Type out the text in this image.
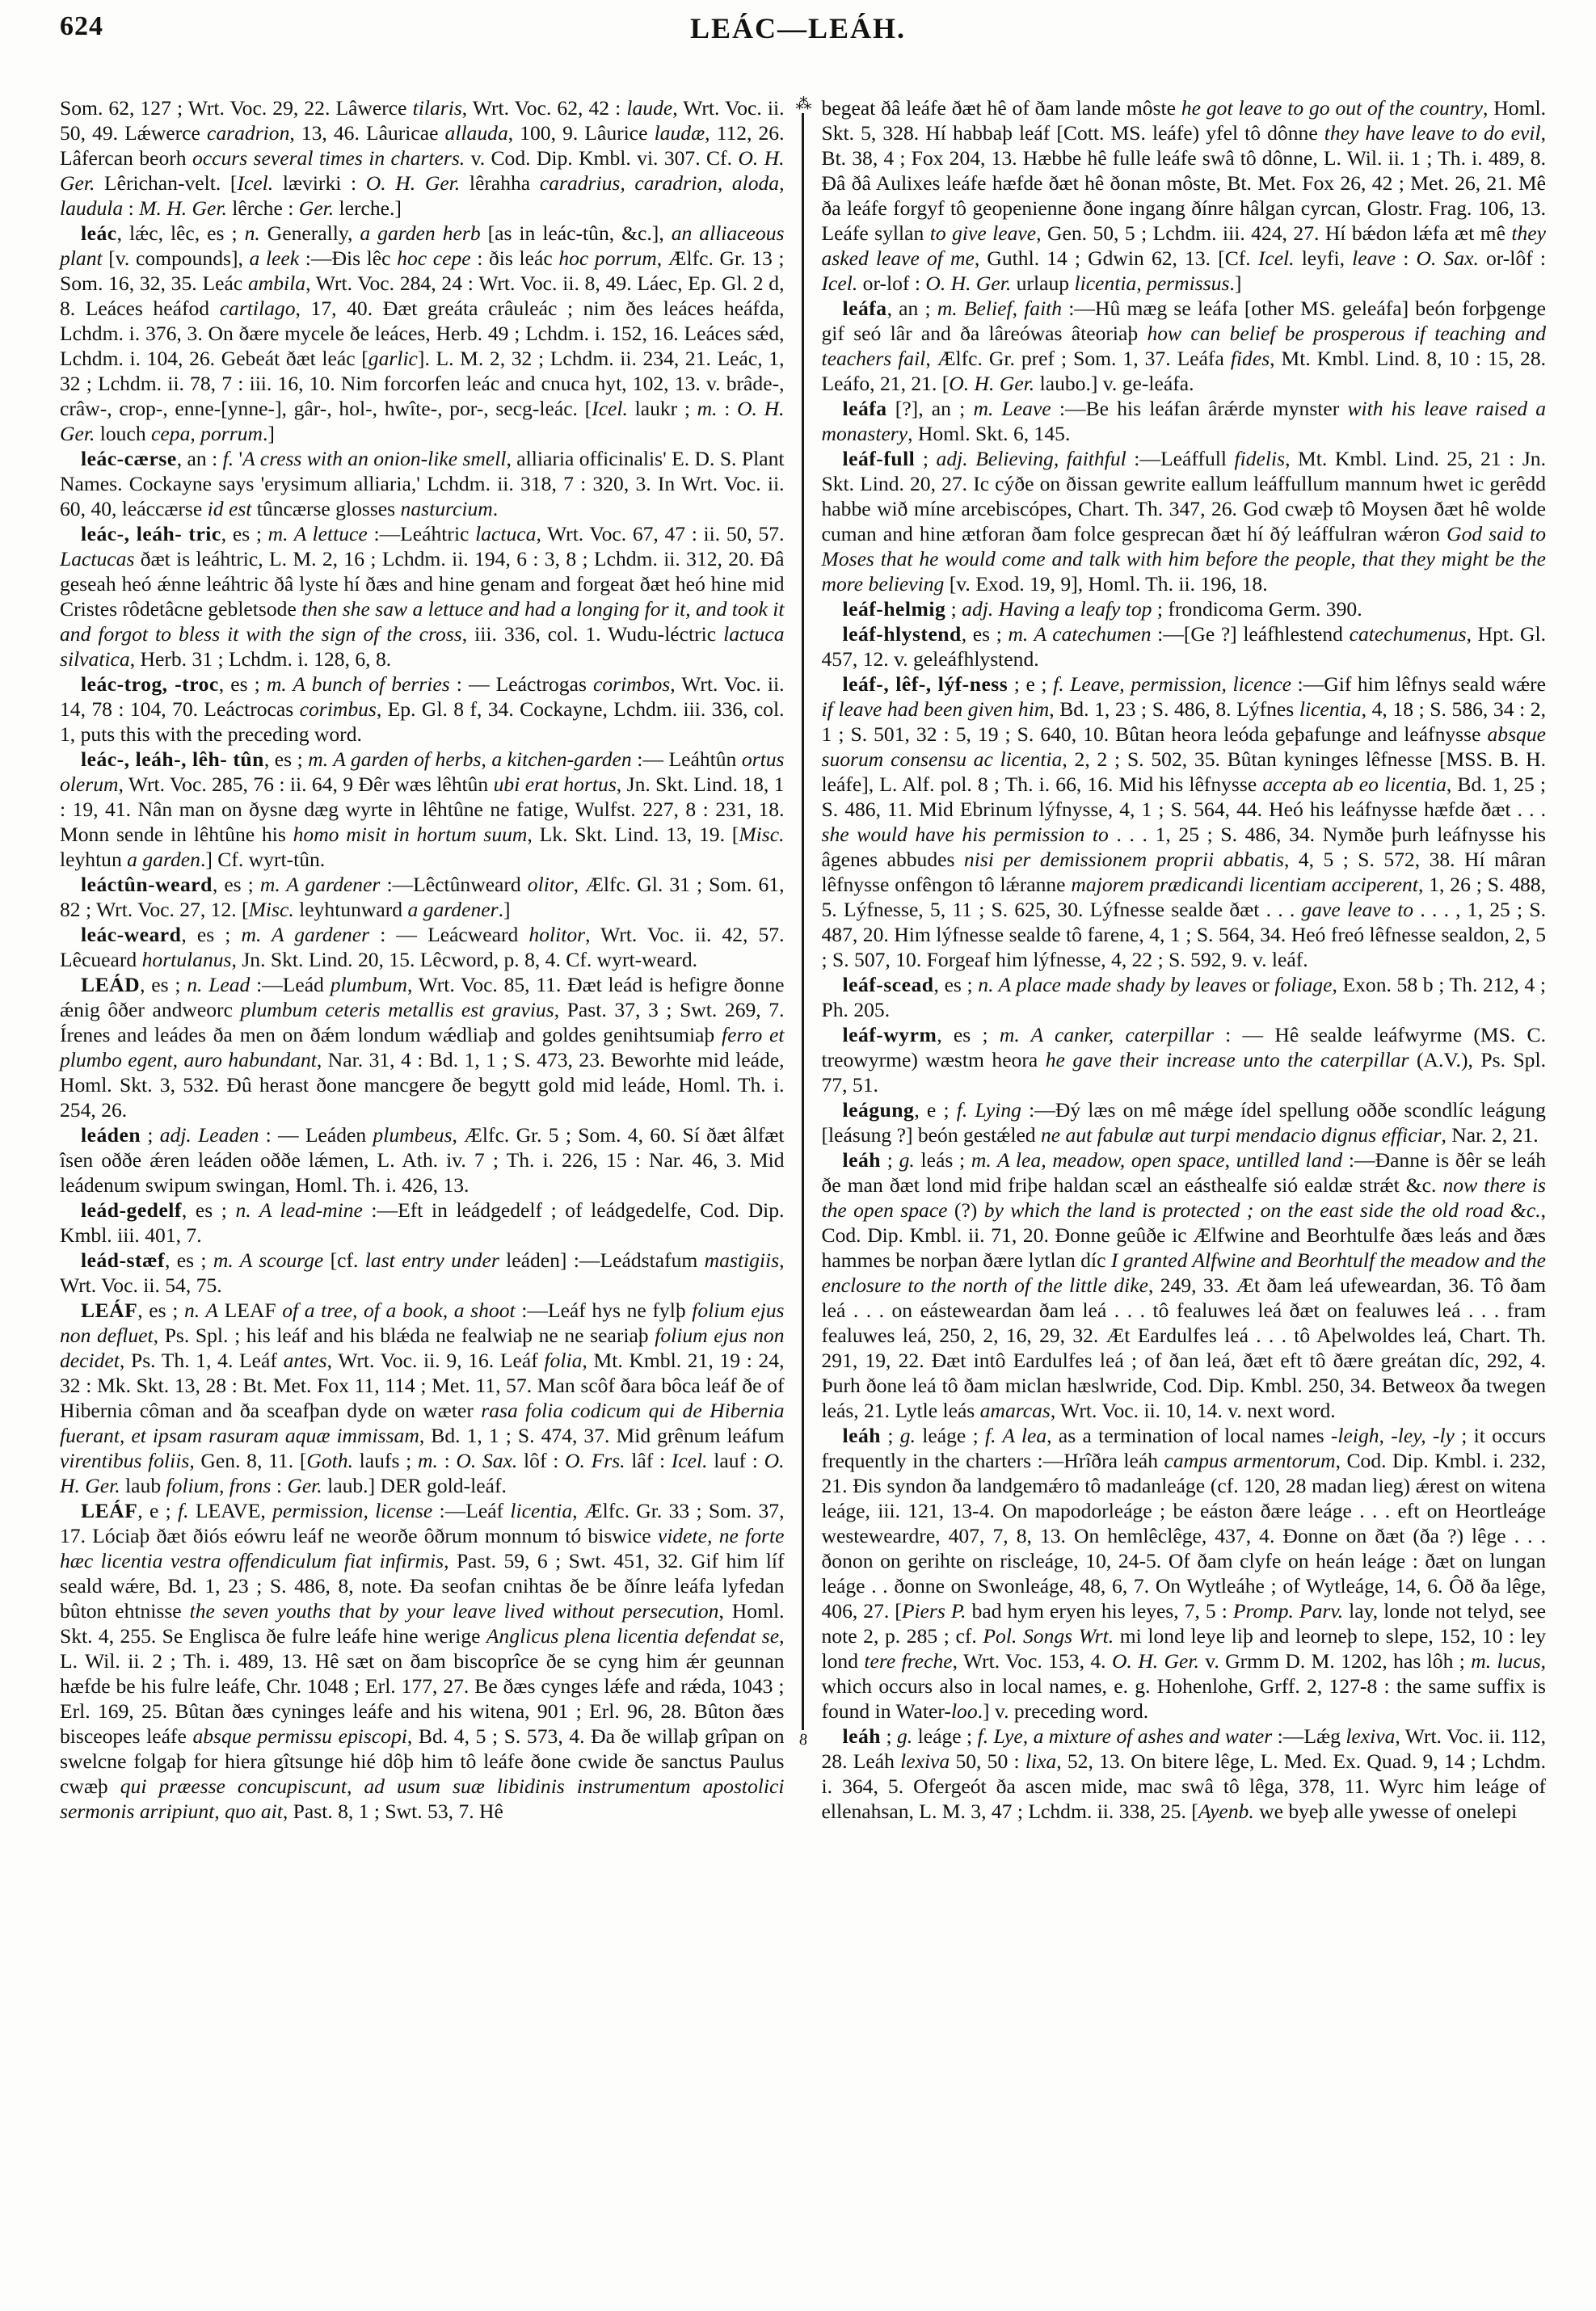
624	LEÁC—LEÁH.

Som. 62, 127 ; Wrt. Voc. 29, 22. Lâwerce tilaris, Wrt. Voc. 62, 42 : laude, Wrt. Voc. ii. 50, 49. Lǽwerce caradrion, 13, 46. Lâuricae allauda, 100, 9. Lâurice laudæ, 112, 26. Lâfercan beorh occurs several times in charters. v. Cod. Dip. Kmbl. vi. 307. Cf. O. H. Ger. Lêrichan-velt. [Icel. lævirki : O. H. Ger. lêrahha caradrius, caradrion, aloda, laudula : M. H. Ger. lêrche : Ger. lerche.]

leác, lǽc, lêc, es ; n. Generally, a garden herb [as in leác-tûn, &c.], an alliaceous plant [v. compounds], a leek :—Ðis lêc hoc cepe : ðis leác hoc porrum, Ælfc. Gr. 13 ; Som. 16, 32, 35. Leác ambila, Wrt. Voc. 284, 24 : Wrt. Voc. ii. 8, 49. Láec, Ep. Gl. 2 d, 8. Leáces heáfod cartilago, 17, 40. Ðæt greáta crâuleác ; nim ðes leáces heáfda, Lchdm. i. 376, 3. On ðære mycele ðe leáces, Herb. 49 ; Lchdm. i. 152, 16. Leáces sǽd, Lchdm. i. 104, 26. Gebeát ðæt leác [garlic]. L. M. 2, 32 ; Lchdm. ii. 234, 21. Leác, 1, 32 ; Lchdm. ii. 78, 7 : iii. 16, 10. Nim forcorfen leác and cnuca hyt, 102, 13. v. brâde-, crâw-, crop-, enne-[ynne-], gâr-, hol-, hwîte-, por-, secg-leác. [Icel. laukr ; m. : O. H. Ger. louch cepa, porrum.]

leác-cærse, an : f. 'A cress with an onion-like smell, alliaria officinalis' E. D. S. Plant Names. Cockayne says 'erysimum alliaria,' Lchdm. ii. 318, 7 : 320, 3. In Wrt. Voc. ii. 60, 40, leáccærse id est tûncærse glosses nasturcium.

leác-, leáh- tric, es ; m. A lettuce :—Leáhtric lactuca, Wrt. Voc. 67, 47 : ii. 50, 57. Lactucas ðæt is leáhtric, L. M. 2, 16 ; Lchdm. ii. 194, 6 : 3, 8 ; Lchdm. ii. 312, 20. Ðâ geseah heó ǽnne leáhtric ðâ lyste hí ðæs and hine genam and forgeat ðæt heó hine mid Cristes rôdetâcne gebletsode then she saw a lettuce and had a longing for it, and took it and forgot to bless it with the sign of the cross, iii. 336, col. 1. Wudu-léctric lactuca silvatica, Herb. 31 ; Lchdm. i. 128, 6, 8.

leác-trog, -troc, es ; m. A bunch of berries : — Leáctrogas corimbos, Wrt. Voc. ii. 14, 78 : 104, 70. Leáctrocas corimbus, Ep. Gl. 8 f, 34. Cockayne, Lchdm. iii. 336, col. 1, puts this with the preceding word.

leác-, leáh-, lêh- tûn, es ; m. A garden of herbs, a kitchen-garden :— Leáhtûn ortus olerum, Wrt. Voc. 285, 76 : ii. 64, 9 Ðêr wæs lêhtûn ubi erat hortus, Jn. Skt. Lind. 18, 1 : 19, 41. Nân man on ðysne dæg wyrte in lêhtûne ne fatige, Wulfst. 227, 8 : 231, 18. Monn sende in lêhtûne his homo misit in hortum suum, Lk. Skt. Lind. 13, 19. [Misc. leyhtun a garden.] Cf. wyrt-tûn.

leáctûn-weard, es ; m. A gardener :—Lêctûnweard olitor, Ælfc. Gl. 31 ; Som. 61, 82 ; Wrt. Voc. 27, 12. [Misc. leyhtunward a gardener.]

leác-weard, es ; m. A gardener : — Leácweard holitor, Wrt. Voc. ii. 42, 57. Lêcueard hortulanus, Jn. Skt. Lind. 20, 15. Lêcword, p. 8, 4. Cf. wyrt-weard.

LEÁD, es ; n. Lead :—Leád plumbum, Wrt. Voc. 85, 11. Ðæt leád is hefigre ðonne ǽnig ôðer andweorc plumbum ceteris metallis est gravius, Past. 37, 3 ; Swt. 269, 7. Írenes and leádes ða men on ðǽm londum wǽdliaþ and goldes genihtsumiaþ ferro et plumbo egent, auro habundant, Nar. 31, 4 : Bd. 1, 1 ; S. 473, 23. Beworhte mid leáde, Homl. Skt. 3, 532. Ðû herast ðone mancgere ðe begytt gold mid leáde, Homl. Th. i. 254, 26.

leáden ; adj. Leaden : — Leáden plumbeus, Ælfc. Gr. 5 ; Som. 4, 60. Sí ðæt âlfæt îsen oððe ǽren leáden oððe lǽmen, L. Ath. iv. 7 ; Th. i. 226, 15 : Nar. 46, 3. Mid leádenum swipum swingan, Homl. Th. i. 426, 13.

leád-gedelf, es ; n. A lead-mine :—Eft in leádgedelf ; of leádgedelfe, Cod. Dip. Kmbl. iii. 401, 7.

leád-stæf, es ; m. A scourge [cf. last entry under leáden] :—Leádstafum mastigiis, Wrt. Voc. ii. 54, 75.

LEÁF, es ; n. A LEAF of a tree, of a book, a shoot :—Leáf hys ne fylþ folium ejus non defluet, Ps. Spl. ; his leáf and his blǽda ne fealwiaþ ne ne seariaþ folium ejus non decidet, Ps. Th. 1, 4. Leáf antes, Wrt. Voc. ii. 9, 16. Leáf folia, Mt. Kmbl. 21, 19 : 24, 32 : Mk. Skt. 13, 28 : Bt. Met. Fox 11, 114 ; Met. 11, 57. Man scôf ðara bôca leáf ðe of Hibernia côman and ða sceafþan dyde on wæter rasa folia codicum qui de Hibernia fuerant, et ipsam rasuram aquæ immissam, Bd. 1, 1 ; S. 474, 37. Mid grênum leáfum virentibus foliis, Gen. 8, 11. [Goth. laufs ; m. : O. Sax. lôf : O. Frs. lâf : Icel. lauf : O. H. Ger. laub folium, frons : Ger. laub.] DER gold-leáf.

LEÁF, e ; f. LEAVE, permission, license :—Leáf licentia, Ælfc. Gr. 33 ; Som. 37, 17. Lóciaþ ðæt ðiós eówru leáf ne weorðe ôðrum monnum tó biswice videte, ne forte hæc licentia vestra offendiculum fiat infirmis, Past. 59, 6 ; Swt. 451, 32. Gif him líf seald wǽre, Bd. 1, 23 ; S. 486, 8, note. Ða seofan cnihtas ðe be ðínre leáfa lyfedan bûton ehtnisse the seven youths that by your leave lived without persecution, Homl. Skt. 4, 255. Se Englisca ðe fulre leáfe hine werige Anglicus plena licentia defendat se, L. Wil. ii. 2 ; Th. i. 489, 13. Hê sæt on ðam biscoprîce ðe se cyng him ǽr geunnan hæfde be his fulre leáfe, Chr. 1048 ; Erl. 177, 27. Be ðæs cynges lǽfe and rǽda, 1043 ; Erl. 169, 25. Bûtan ðæs cyninges leáfe and his witena, 901 ; Erl. 96, 28. Bûton ðæs bisceopes leáfe absque permissu episcopi, Bd. 4, 5 ; S. 573, 4. Ða ðe willaþ grîpan on swelcne folgaþ for hiera gîtsunge hié dôþ him tô leáfe ðone cwide ðe sanctus Paulus cwæþ qui præesse concupiscunt, ad usum suæ libidinis instrumentum apostolici sermonis arripiunt, quo ait, Past. 8, 1 ; Swt. 53, 7. Hê

⁂
8

begeat ðâ leáfe ðæt hê of ðam lande môste he got leave to go out of the country, Homl. Skt. 5, 328. Hí habbaþ leáf [Cott. MS. leáfe) yfel tô dônne they have leave to do evil, Bt. 38, 4 ; Fox 204, 13. Hæbbe hê fulle leáfe swâ tô dônne, L. Wil. ii. 1 ; Th. i. 489, 8. Ðâ ðâ Aulixes leáfe hæfde ðæt hê ðonan môste, Bt. Met. Fox 26, 42 ; Met. 26, 21. Mê ða leáfe forgyf tô geopenienne ðone ingang ðínre hâlgan cyrcan, Glostr. Frag. 106, 13. Leáfe syllan to give leave, Gen. 50, 5 ; Lchdm. iii. 424, 27. Hí bǽdon lǽfa æt mê they asked leave of me, Guthl. 14 ; Gdwin 62, 13. [Cf. Icel. leyfi, leave : O. Sax. or-lôf : Icel. or-lof : O. H. Ger. urlaup licentia, permissus.]

leáfa, an ; m. Belief, faith :—Hû mæg se leáfa [other MS. geleáfa] beón forþgenge gif seó lâr and ða lâreówas âteoriaþ how can belief be prosperous if teaching and teachers fail, Ælfc. Gr. pref ; Som. 1, 37. Leáfa fides, Mt. Kmbl. Lind. 8, 10 : 15, 28. Leáfo, 21, 21. [O. H. Ger. laubo.] v. ge-leáfa.

leáfa [?], an ; m. Leave :—Be his leáfan ârǽrde mynster with his leave raised a monastery, Homl. Skt. 6, 145.

leáf-full ; adj. Believing, faithful :—Leáffull fidelis, Mt. Kmbl. Lind. 25, 21 : Jn. Skt. Lind. 20, 27. Ic cýðe on ðissan gewrite eallum leáffullum mannum hwet ic gerêdd habbe wið míne arcebiscópes, Chart. Th. 347, 26. God cwæþ tô Moysen ðæt hê wolde cuman and hine ætforan ðam folce gesprecan ðæt hí ðý leáffulran wǽron God said to Moses that he would come and talk with him before the people, that they might be the more believing [v. Exod. 19, 9], Homl. Th. ii. 196, 18.

leáf-helmig ; adj. Having a leafy top ; frondicoma Germ. 390.

leáf-hlystend, es ; m. A catechumen :—[Ge ?] leáfhlestend catechumenus, Hpt. Gl. 457, 12. v. geleáfhlystend.

leáf-, lêf-, lýf-ness ; e ; f. Leave, permission, licence :—Gif him lêfnys seald wǽre if leave had been given him, Bd. 1, 23 ; S. 486, 8. Lýfnes licentia, 4, 18 ; S. 586, 34 : 2, 1 ; S. 501, 32 : 5, 19 ; S. 640, 10. Bûtan heora leóda geþafunge and leáfnysse absque suorum consensu ac licentia, 2, 2 ; S. 502, 35. Bûtan kyninges lêfnesse [MSS. B. H. leáfe], L. Alf. pol. 8 ; Th. i. 66, 16. Mid his lêfnysse accepta ab eo licentia, Bd. 1, 25 ; S. 486, 11. Mid Ebrinum lýfnysse, 4, 1 ; S. 564, 44. Heó his leáfnysse hæfde ðæt . . . she would have his permission to . . . 1, 25 ; S. 486, 34. Nymðe þurh leáfnysse his âgenes abbudes nisi per demissionem proprii abbatis, 4, 5 ; S. 572, 38. Hí mâran lêfnysse onfêngon tô lǽranne majorem prædicandi licentiam acciperent, 1, 26 ; S. 488, 5. Lýfnesse, 5, 11 ; S. 625, 30. Lýfnesse sealde ðæt . . . gave leave to . . . , 1, 25 ; S. 487, 20. Him lýfnesse sealde tô farene, 4, 1 ; S. 564, 34. Heó freó lêfnesse sealdon, 2, 5 ; S. 507, 10. Forgeaf him lýfnesse, 4, 22 ; S. 592, 9. v. leáf.

leáf-scead, es ; n. A place made shady by leaves or foliage, Exon. 58 b ; Th. 212, 4 ; Ph. 205.

leáf-wyrm, es ; m. A canker, caterpillar : — Hê sealde leáfwyrme (MS. C. treowyrme) wæstm heora he gave their increase unto the caterpillar (A.V.), Ps. Spl. 77, 51.

leágung, e ; f. Lying :—Ðý læs on mê mǽge ídel spellung oððe scondlíc leágung [leásung ?] beón gestǽled ne aut fabulæ aut turpi mendacio dignus efficiar, Nar. 2, 21.

leáh ; g. leás ; m. A lea, meadow, open space, untilled land :—Ðanne is ðêr se leáh ðe man ðæt lond mid friþe haldan scæl an eásthealfe sió ealdæ strǽt &c. now there is the open space (?) by which the land is protected ; on the east side the old road &c., Cod. Dip. Kmbl. ii. 71, 20. Ðonne geûðe ic Ælfwine and Beorhtulfe ðæs leás and ðæs hammes be norþan ðære lytlan díc I granted Alfwine and Beorhtulf the meadow and the enclosure to the north of the little dike, 249, 33. Æt ðam leá ufeweardan, 36. Tô ðam leá . . . on eásteweardan ðam leá . . . tô fealuwes leá ðæt on fealuwes leá . . . fram fealuwes leá, 250, 2, 16, 29, 32. Æt Eardulfes leá . . . tô Aþelwoldes leá, Chart. Th. 291, 19, 22. Ðæt intô Eardulfes leá ; of ðan leá, ðæt eft tô ðære greátan díc, 292, 4. Þurh ðone leá tô ðam miclan hæslwride, Cod. Dip. Kmbl. 250, 34. Betweox ða twegen leás, 21. Lytle leás amarcas, Wrt. Voc. ii. 10, 14. v. next word.

leáh ; g. leáge ; f. A lea, as a termination of local names -leigh, -ley, -ly ; it occurs frequently in the charters :—Hrîðra leáh campus armentorum, Cod. Dip. Kmbl. i. 232, 21. Ðis syndon ða landgemǽro tô madanleáge (cf. 120, 28 madan lieg) ǽrest on witena leáge, iii. 121, 13-4. On mapodorleáge ; be eáston ðære leáge . . . eft on Heortleáge westeweardre, 407, 7, 8, 13. On hemlêclêge, 437, 4. Ðonne on ðæt (ða ?) lêge . . . ðonon on gerihte on riscleáge, 10, 24-5. Of ðam clyfe on heán leáge : ðæt on lungan leáge . . ðonne on Swonleáge, 48, 6, 7. On Wytleáhe ; of Wytleáge, 14, 6. Ôð ða lêge, 406, 27. [Piers P. bad hym eryen his leyes, 7, 5 : Promp. Parv. lay, londe not telyd, see note 2, p. 285 ; cf. Pol. Songs Wrt. mi lond leye liþ and leorneþ to slepe, 152, 10 : ley lond tere freche, Wrt. Voc. 153, 4. O. H. Ger. v. Grmm D. M. 1202, has lôh ; m. lucus, which occurs also in local names, e. g. Hohenlohe, Grff. 2, 127-8 : the same suffix is found in Water-loo.] v. preceding word.

leáh ; g. leáge ; f. Lye, a mixture of ashes and water :—Lǽg lexiva, Wrt. Voc. ii. 112, 28. Leáh lexiva 50, 50 : lixa, 52, 13. On bitere lêge, L. Med. Ex. Quad. 9, 14 ; Lchdm. i. 364, 5. Ofergeót ða ascen mide, mac swâ tô lêga, 378, 11. Wyrc him leáge of ellenahsan, L. M. 3, 47 ; Lchdm. ii. 338, 25. [Ayenb. we byeþ alle ywesse of onelepi
